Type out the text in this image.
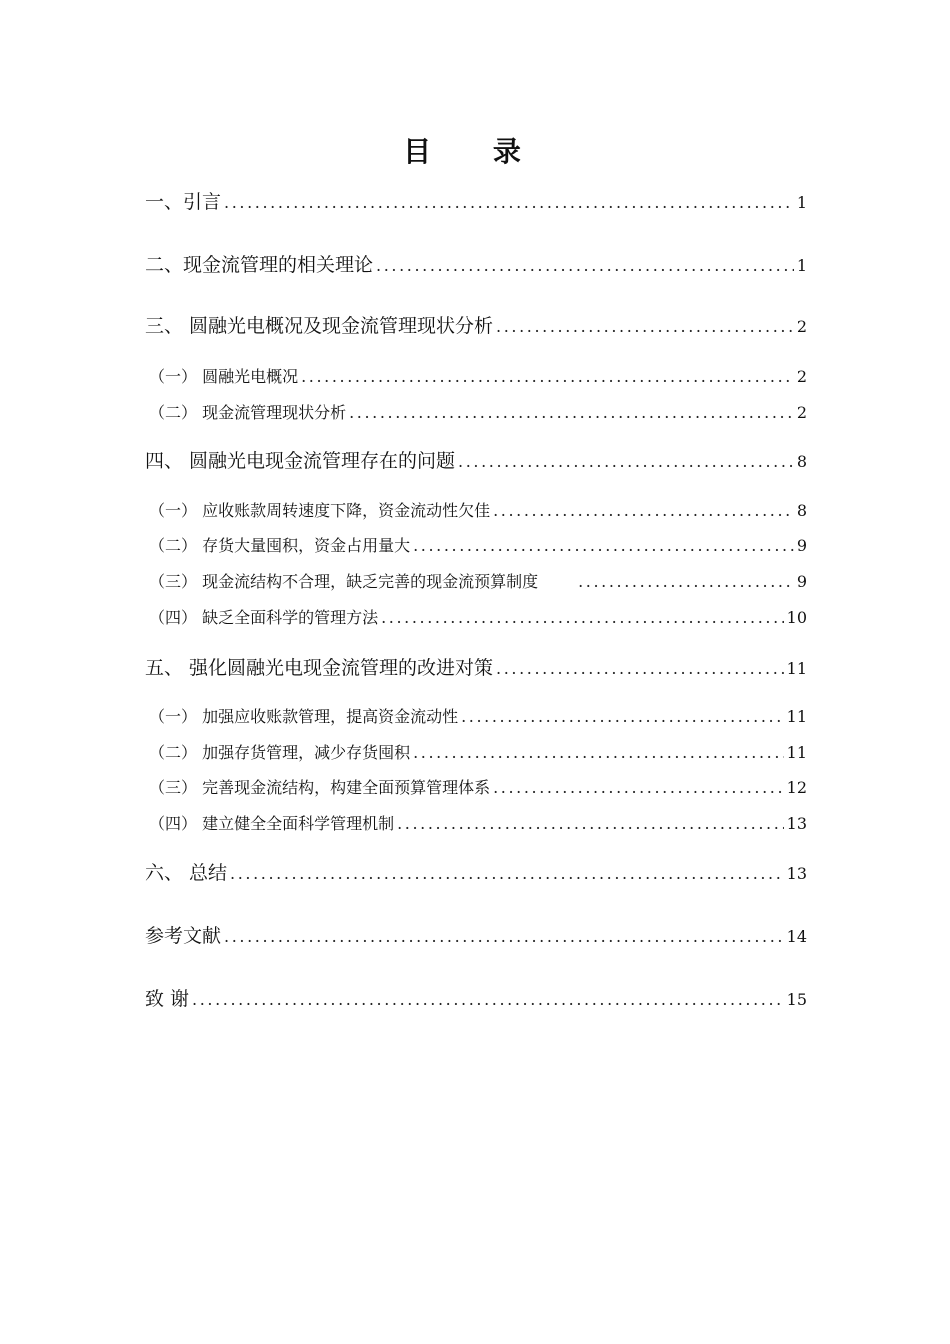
目 录
一、引言 .....	1
二、现金流管理的相关理论 .....	1
三、 圆融光电概况及现金流管理现状分析 .....	2
（一） 圆融光电概况 .....	2
（二） 现金流管理现状分析 .....	2
四、 圆融光电现金流管理存在的问题 .....	8
（一） 应收账款周转速度下降，资金流动性欠佳 .....	8
（二） 存货大量囤积，资金占用量大 .....	9
（三） 现金流结构不合理，缺乏完善的现金流预算制度 .....	9
（四） 缺乏全面科学的管理方法 .....	10
五、 强化圆融光电现金流管理的改进对策 .....	11
（一） 加强应收账款管理，提高资金流动性 .....	11
（二） 加强存货管理，减少存货囤积 .....	11
（三） 完善现金流结构，构建全面预算管理体系 .....	12
（四） 建立健全全面科学管理机制 .....	13
六、 总结 .....	13
参考文献 .....	14
致 谢 .....	15
